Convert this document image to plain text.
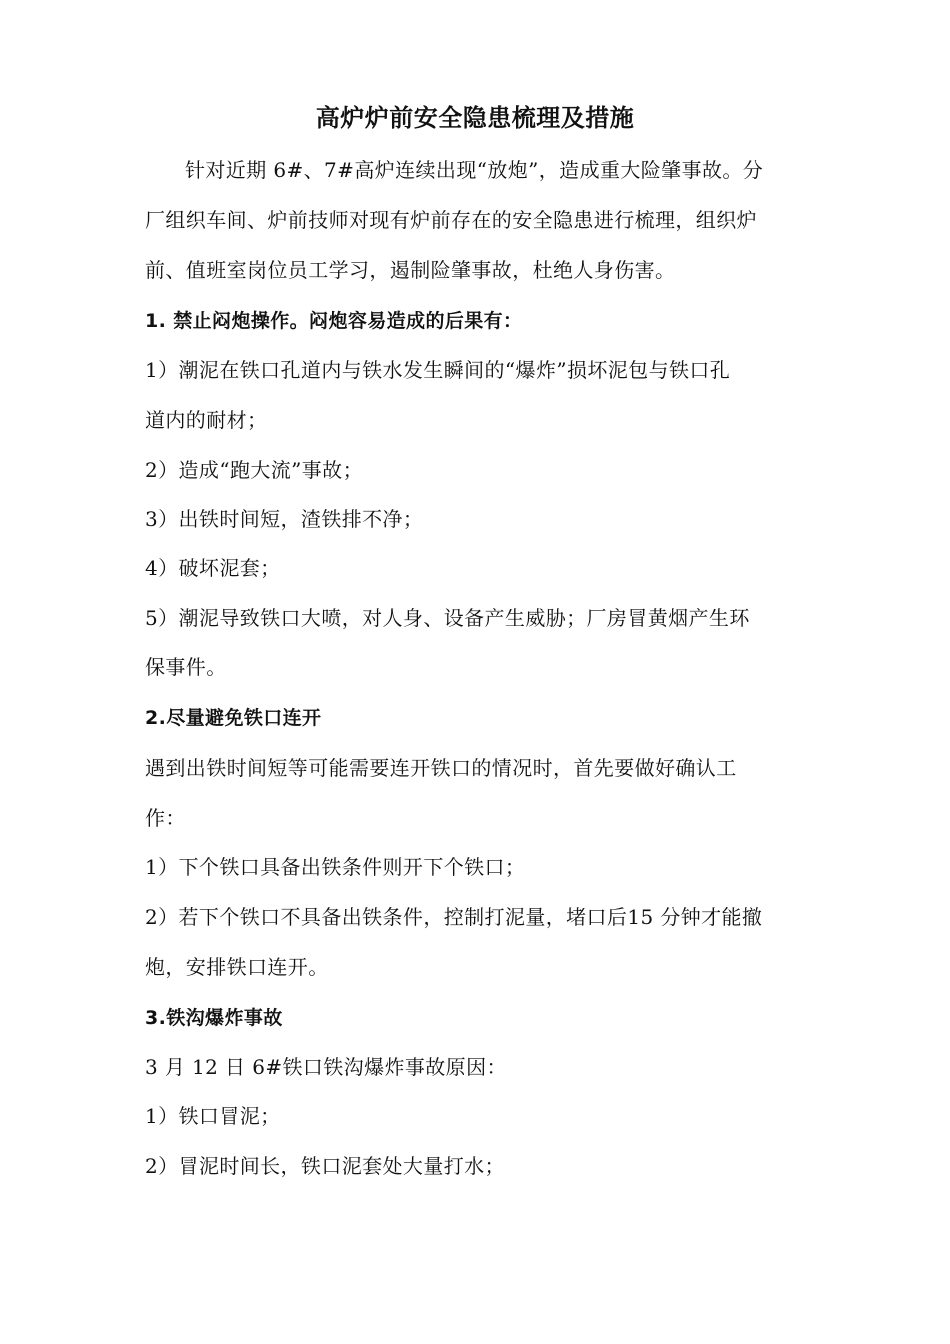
高炉炉前安全隐患梳理及措施
针对近期 6#、7#高炉连续出现“放炮”，造成重大险肇事故。分
厂组织车间、炉前技师对现有炉前存在的安全隐患进行梳理，组织炉
前、值班室岗位员工学习，遏制险肇事故，杜绝人身伤害。
1. 禁止闷炮操作。闷炮容易造成的后果有：
1）潮泥在铁口孔道内与铁水发生瞬间的“爆炸”损坏泥包与铁口孔
道内的耐材；
2）造成“跑大流”事故；
3）出铁时间短，渣铁排不净；
4）破坏泥套；
5）潮泥导致铁口大喷，对人身、设备产生威胁；厂房冒黄烟产生环
保事件。
2.尽量避免铁口连开
遇到出铁时间短等可能需要连开铁口的情况时，首先要做好确认工
作：
1）下个铁口具备出铁条件则开下个铁口；
2）若下个铁口不具备出铁条件，控制打泥量，堵口后15 分钟才能撤
炮，安排铁口连开。
3.铁沟爆炸事故
3 月 12 日 6#铁口铁沟爆炸事故原因：
1）铁口冒泥；
2）冒泥时间长，铁口泥套处大量打水；
